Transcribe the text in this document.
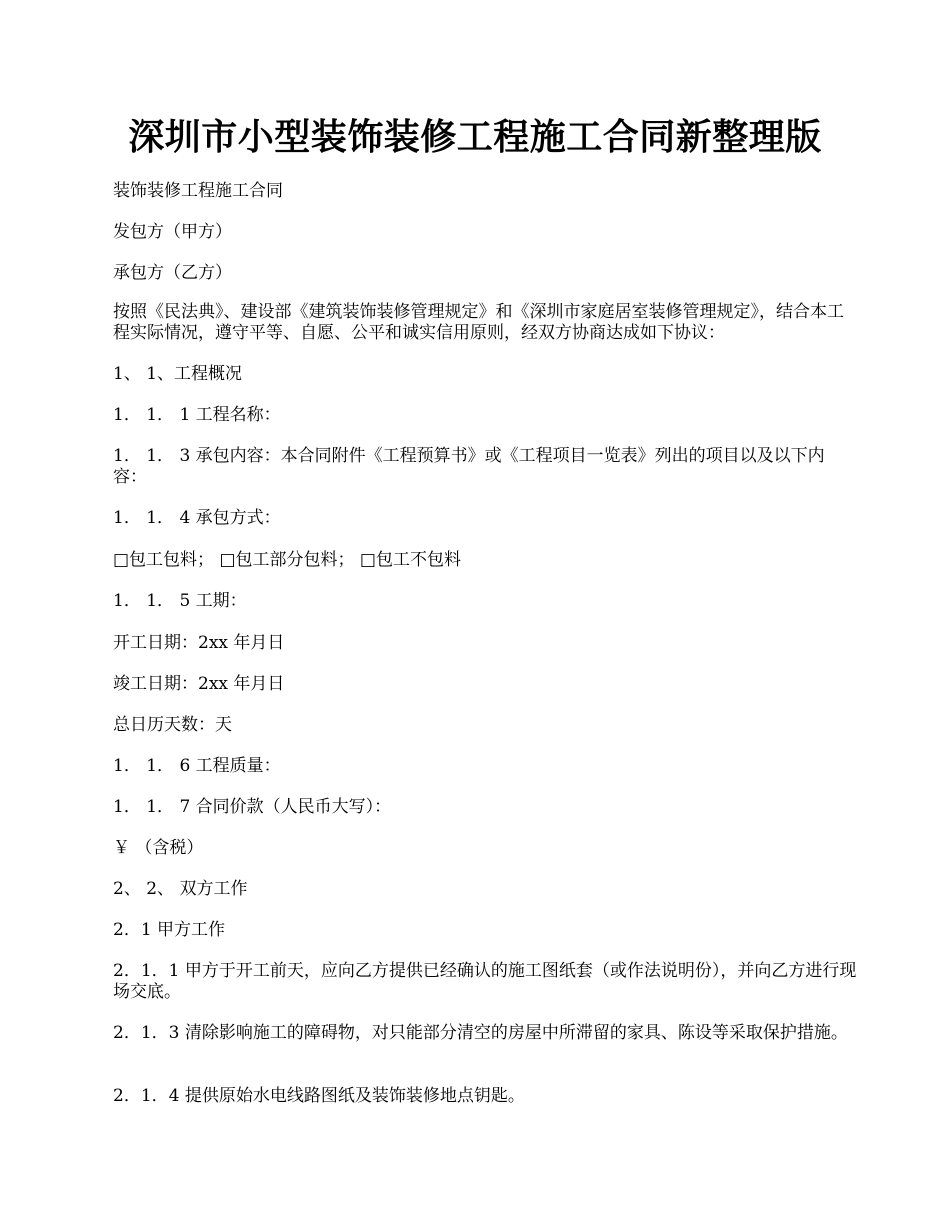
深圳市小型装饰装修工程施工合同新整理版

装饰装修工程施工合同

发包方（甲方）

承包方（乙方）

按照《民法典》、建设部《建筑装饰装修管理规定》和《深圳市家庭居室装修管理规定》，结合本工程实际情况，遵守平等、自愿、公平和诚实信用原则，经双方协商达成如下协议：

1、 1、工程概况

1． 1． 1 工程名称：

1． 1． 3 承包内容：本合同附件《工程预算书》或《工程项目一览表》列出的项目以及以下内容：

1． 1． 4 承包方式：

□包工包料； □包工部分包料； □包工不包料

1． 1． 5 工期：

开工日期：2xx 年月日

竣工日期：2xx 年月日

总日历天数：天

1． 1． 6 工程质量：

1． 1． 7 合同价款（人民币大写）：

￥ （含税）

2、 2、 双方工作

2．1 甲方工作

2．1．1 甲方于开工前天，应向乙方提供已经确认的施工图纸套（或作法说明份），并向乙方进行现场交底。

2．1．3 清除影响施工的障碍物，对只能部分清空的房屋中所滞留的家具、陈设等采取保护措施。

2．1．4 提供原始水电线路图纸及装饰装修地点钥匙。
